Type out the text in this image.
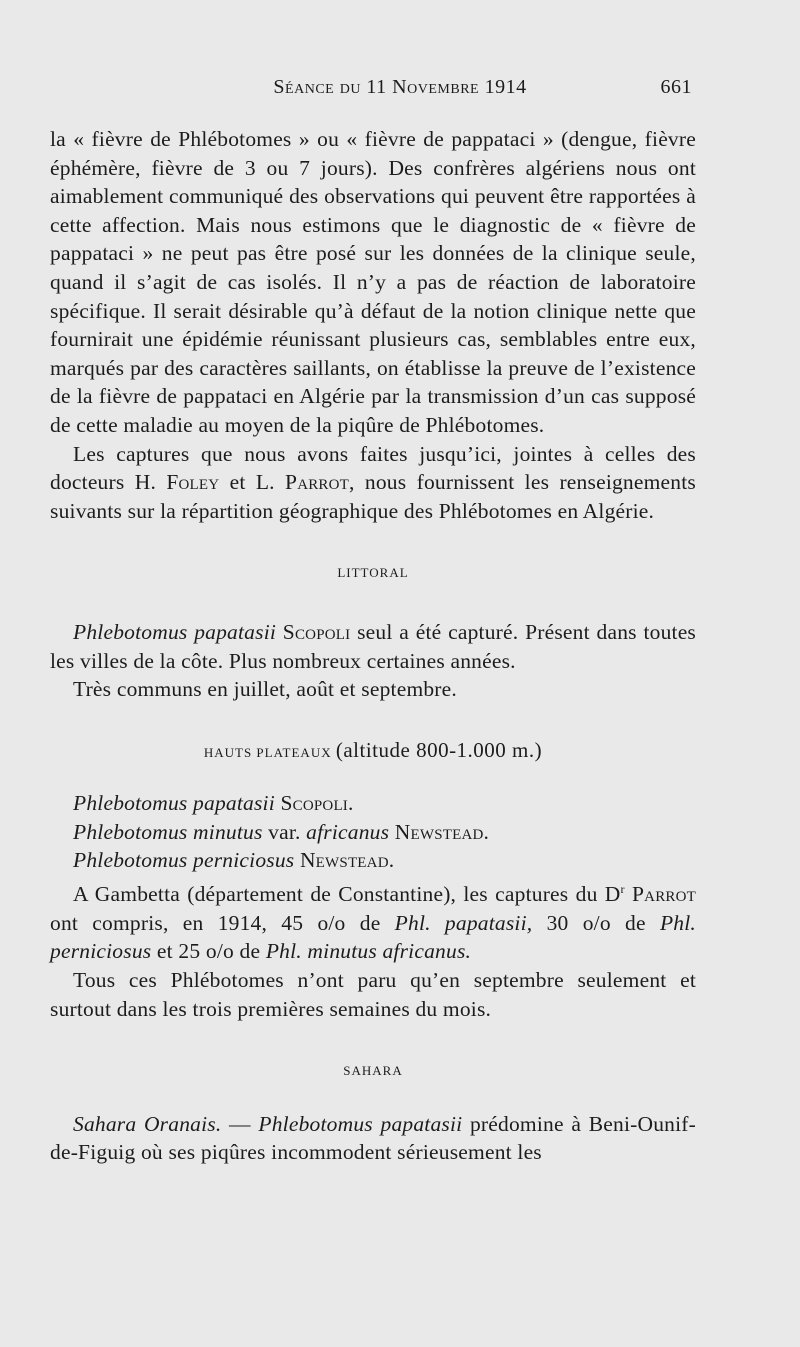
Séance du 11 Novembre 1914	661

la « fièvre de Phlébotomes » ou « fièvre de pappataci » (dengue, fièvre éphémère, fièvre de 3 ou 7 jours). Des confrères algériens nous ont aimablement communiqué des observations qui peuvent être rapportées à cette affection. Mais nous estimons que le diagnostic de « fièvre de pappataci » ne peut pas être posé sur les données de la clinique seule, quand il s’agit de cas isolés. Il n’y a pas de réaction de laboratoire spécifique. Il serait désirable qu’à défaut de la notion clinique nette que fournirait une épidémie réunissant plusieurs cas, semblables entre eux, marqués par des caractères saillants, on établisse la preuve de l’existence de la fièvre de pappataci en Algérie par la transmission d’un cas supposé de cette maladie au moyen de la piqûre de Phlébotomes.

Les captures que nous avons faites jusqu’ici, jointes à celles des docteurs H. Foley et L. Parrot, nous fournissent les renseignements suivants sur la répartition géographique des Phlébotomes en Algérie.

LITTORAL

Phlebotomus papatasii Scopoli seul a été capturé. Présent dans toutes les villes de la côte. Plus nombreux certaines années.

Très communs en juillet, août et septembre.

HAUTS PLATEAUX (altitude 800-1.000 m.)

Phlebotomus papatasii Scopoli.

Phlebotomus minutus var. africanus Newstead.

Phlebotomus perniciosus Newstead.

A Gambetta (département de Constantine), les captures du $D^r$ Parrot ont compris, en 1914, 45 o/o de Phl. papatasii, 30 o/o de Phl. perniciosus et 25 o/o de Phl. minutus africanus.

Tous ces Phlébotomes n’ont paru qu’en septembre seulement et surtout dans les trois premières semaines du mois.

SAHARA

Sahara Oranais. — Phlebotomus papatasii prédomine à Beni-Ounif-de-Figuig où ses piqûres incommodent sérieusement les
